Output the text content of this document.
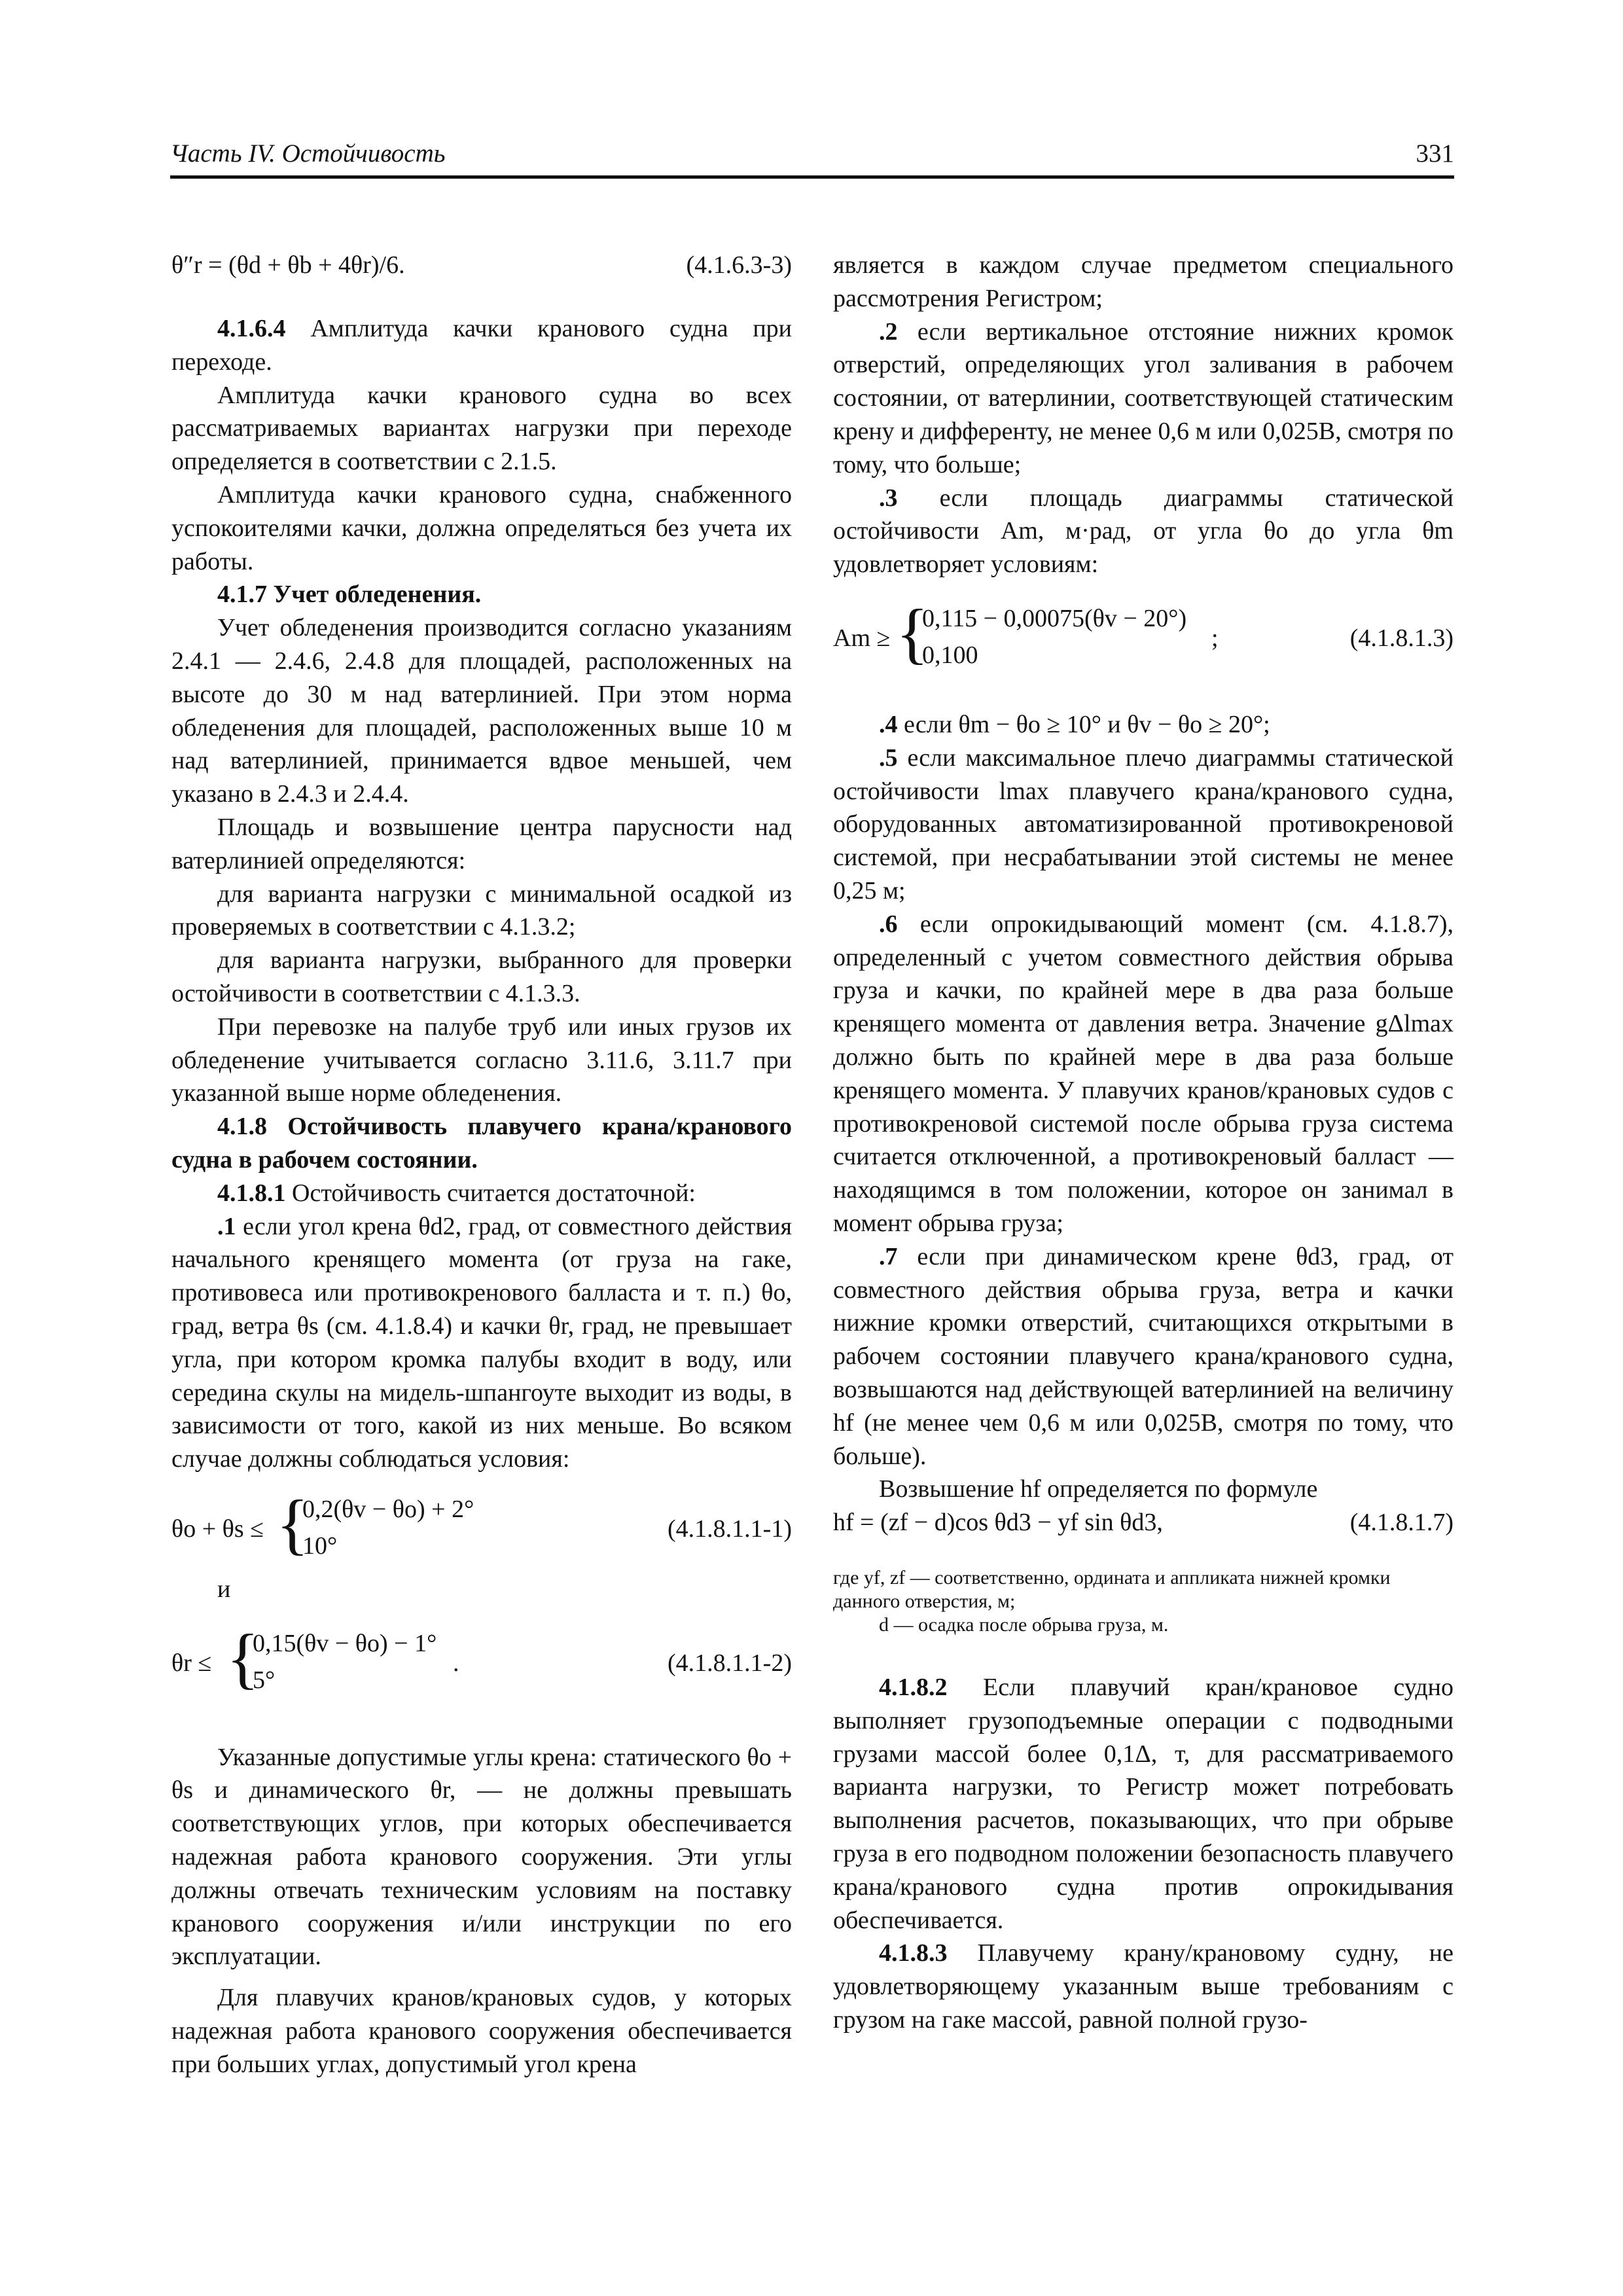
Часть IV. Остойчивость	331
θ″r = (θd + θb + 4θr)/6.	(4.1.6.3-3)

4.1.6.4 Амплитуда качки кранового судна при переходе.

Амплитуда качки кранового судна во всех рассматриваемых вариантах нагрузки при переходе определяется в соответствии с 2.1.5.

Амплитуда качки кранового судна, снабженного успокоителями качки, должна определяться без учета их работы.

4.1.7 Учет обледенения.

Учет обледенения производится согласно указаниям 2.4.1 — 2.4.6, 2.4.8 для площадей, расположенных на высоте до 30 м над ватерлинией. При этом норма обледенения для площадей, расположенных выше 10 м над ватерлинией, принимается вдвое меньшей, чем указано в 2.4.3 и 2.4.4.

Площадь и возвышение центра парусности над ватерлинией определяются:

для варианта нагрузки с минимальной осадкой из проверяемых в соответствии с 4.1.3.2;

для варианта нагрузки, выбранного для проверки остойчивости в соответствии с 4.1.3.3.

При перевозке на палубе труб или иных грузов их обледенение учитывается согласно 3.11.6, 3.11.7 при указанной выше норме обледенения.

4.1.8 Остойчивость плавучего крана/кранового судна в рабочем состоянии.

4.1.8.1 Остойчивость считается достаточной:

.1 если угол крена θd2, град, от совместного действия начального кренящего момента (от груза на гаке, противовеса или противокренового балласта и т. п.) θo, град, ветра θs (см. 4.1.8.4) и качки θr, град, не превышает угла, при котором кромка палубы входит в воду, или середина скулы на мидель-шпангоуте выходит из воды, в зависимости от того, какой из них меньше. Во всяком случае должны соблюдаться условия:

θo + θs ≤ {
0,2(θv − θo) + 2°
10°
(4.1.8.1.1-1)

и

θr ≤ {
0,15(θv − θo) − 1°
5°
.	(4.1.8.1.1-2)

Указанные допустимые углы крена: статического θo + θs и динамического θr, — не должны превышать соответствующих углов, при которых обеспечивается надежная работа кранового сооружения. Эти углы должны отвечать техническим условиям на поставку кранового сооружения и/или инструкции по его эксплуатации.

Для плавучих кранов/крановых судов, у которых надежная работа кранового сооружения обеспечивается при больших углах, допустимый угол крена

является в каждом случае предметом специального рассмотрения Регистром;

.2 если вертикальное отстояние нижних кромок отверстий, определяющих угол заливания в рабочем состоянии, от ватерлинии, соответствующей статическим крену и дифференту, не менее 0,6 м или 0,025B, смотря по тому, что больше;

.3 если площадь диаграммы статической остойчивости Am, м·рад, от угла θo до угла θm удовлетворяет условиям:

Am ≥ {
0,115 − 0,00075(θv − 20°)
0,100
;	(4.1.8.1.3)

.4 если θm − θo ≥ 10° и θv − θo ≥ 20°;

.5 если максимальное плечо диаграммы статической остойчивости lmax плавучего крана/кранового судна, оборудованных автоматизированной противокреновой системой, при несрабатывании этой системы не менее 0,25 м;

.6 если опрокидывающий момент (см. 4.1.8.7), определенный с учетом совместного действия обрыва груза и качки, по крайней мере в два раза больше кренящего момента от давления ветра. Значение gΔlmax должно быть по крайней мере в два раза больше кренящего момента. У плавучих кранов/крановых судов с противокреновой системой после обрыва груза система считается отключенной, а противокреновый балласт — находящимся в том положении, которое он занимал в момент обрыва груза;

.7 если при динамическом крене θd3, град, от совместного действия обрыва груза, ветра и качки нижние кромки отверстий, считающихся открытыми в рабочем состоянии плавучего крана/кранового судна, возвышаются над действующей ватерлинией на величину hf (не менее чем 0,6 м или 0,025B, смотря по тому, что больше).

Возвышение hf определяется по формуле

hf = (zf − d)cos θd3 − yf sin θd3,	(4.1.8.1.7)
где yf, zf — соответственно, ордината и аппликата нижней кромки данного отверстия, м;
d — осадка после обрыва груза, м.

4.1.8.2 Если плавучий кран/крановое судно выполняет грузоподъемные операции с подводными грузами массой более 0,1Δ, т, для рассматриваемого варианта нагрузки, то Регистр может потребовать выполнения расчетов, показывающих, что при обрыве груза в его подводном положении безопасность плавучего крана/кранового судна против опрокидывания обеспечивается.

4.1.8.3 Плавучему крану/крановому судну, не удовлетворяющему указанным выше требованиям с грузом на гаке массой, равной полной грузо-
